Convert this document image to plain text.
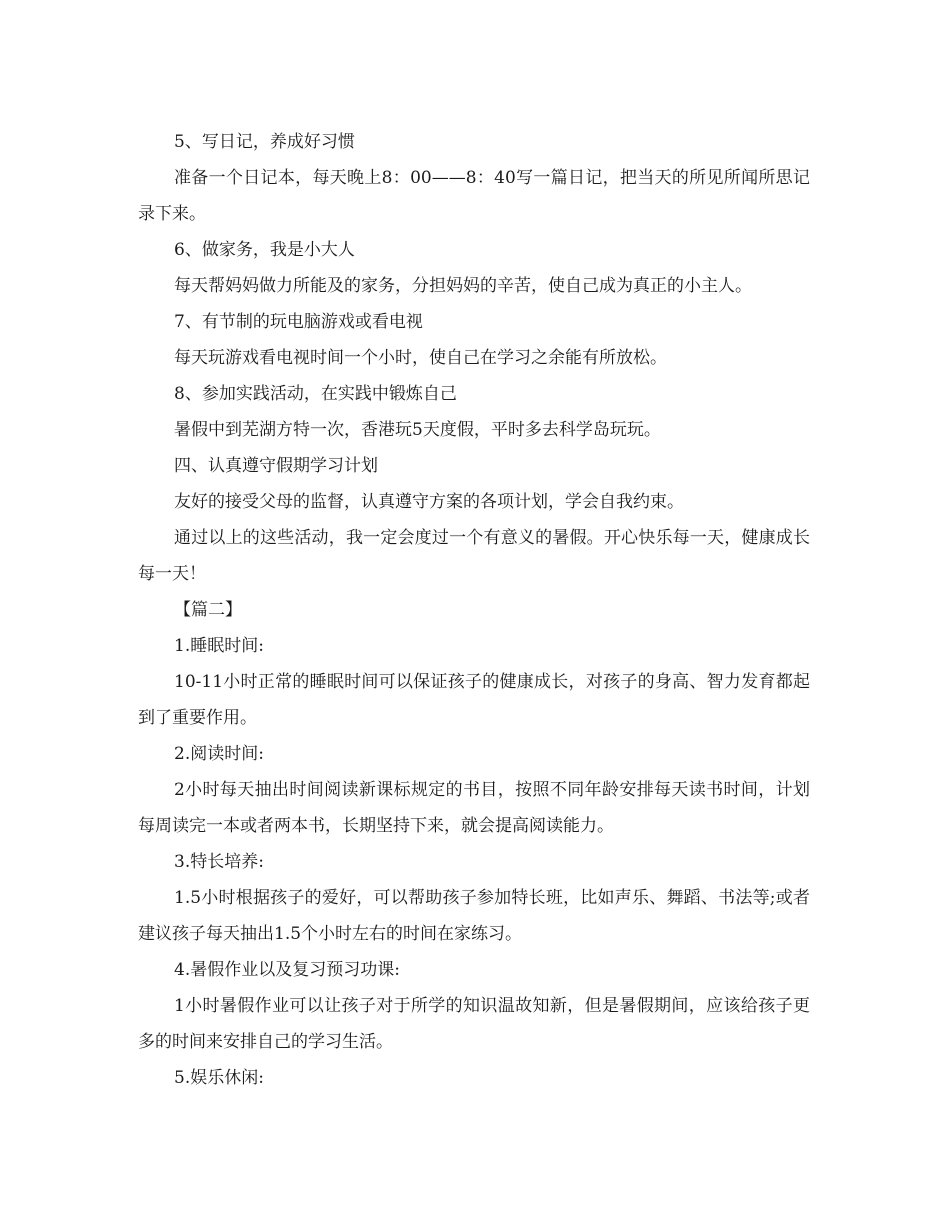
5、写日记，养成好习惯

准备一个日记本，每天晚上8：00——8：40写一篇日记，把当天的所见所闻所思记录下来。

6、做家务，我是小大人

每天帮妈妈做力所能及的家务，分担妈妈的辛苦，使自己成为真正的小主人。

7、有节制的玩电脑游戏或看电视

每天玩游戏看电视时间一个小时，使自己在学习之余能有所放松。

8、参加实践活动，在实践中锻炼自己

暑假中到芜湖方特一次，香港玩5天度假，平时多去科学岛玩玩。

四、认真遵守假期学习计划

友好的接受父母的监督，认真遵守方案的各项计划，学会自我约束。

通过以上的这些活动，我一定会度过一个有意义的暑假。开心快乐每一天，健康成长每一天！

【篇二】

1.睡眠时间:

10-11小时正常的睡眠时间可以保证孩子的健康成长，对孩子的身高、智力发育都起到了重要作用。

2.阅读时间:

2小时每天抽出时间阅读新课标规定的书目，按照不同年龄安排每天读书时间，计划每周读完一本或者两本书，长期坚持下来，就会提高阅读能力。

3.特长培养:

1.5小时根据孩子的爱好，可以帮助孩子参加特长班，比如声乐、舞蹈、书法等;或者建议孩子每天抽出1.5个小时左右的时间在家练习。

4.暑假作业以及复习预习功课:

1小时暑假作业可以让孩子对于所学的知识温故知新，但是暑假期间，应该给孩子更多的时间来安排自己的学习生活。

5.娱乐休闲:
